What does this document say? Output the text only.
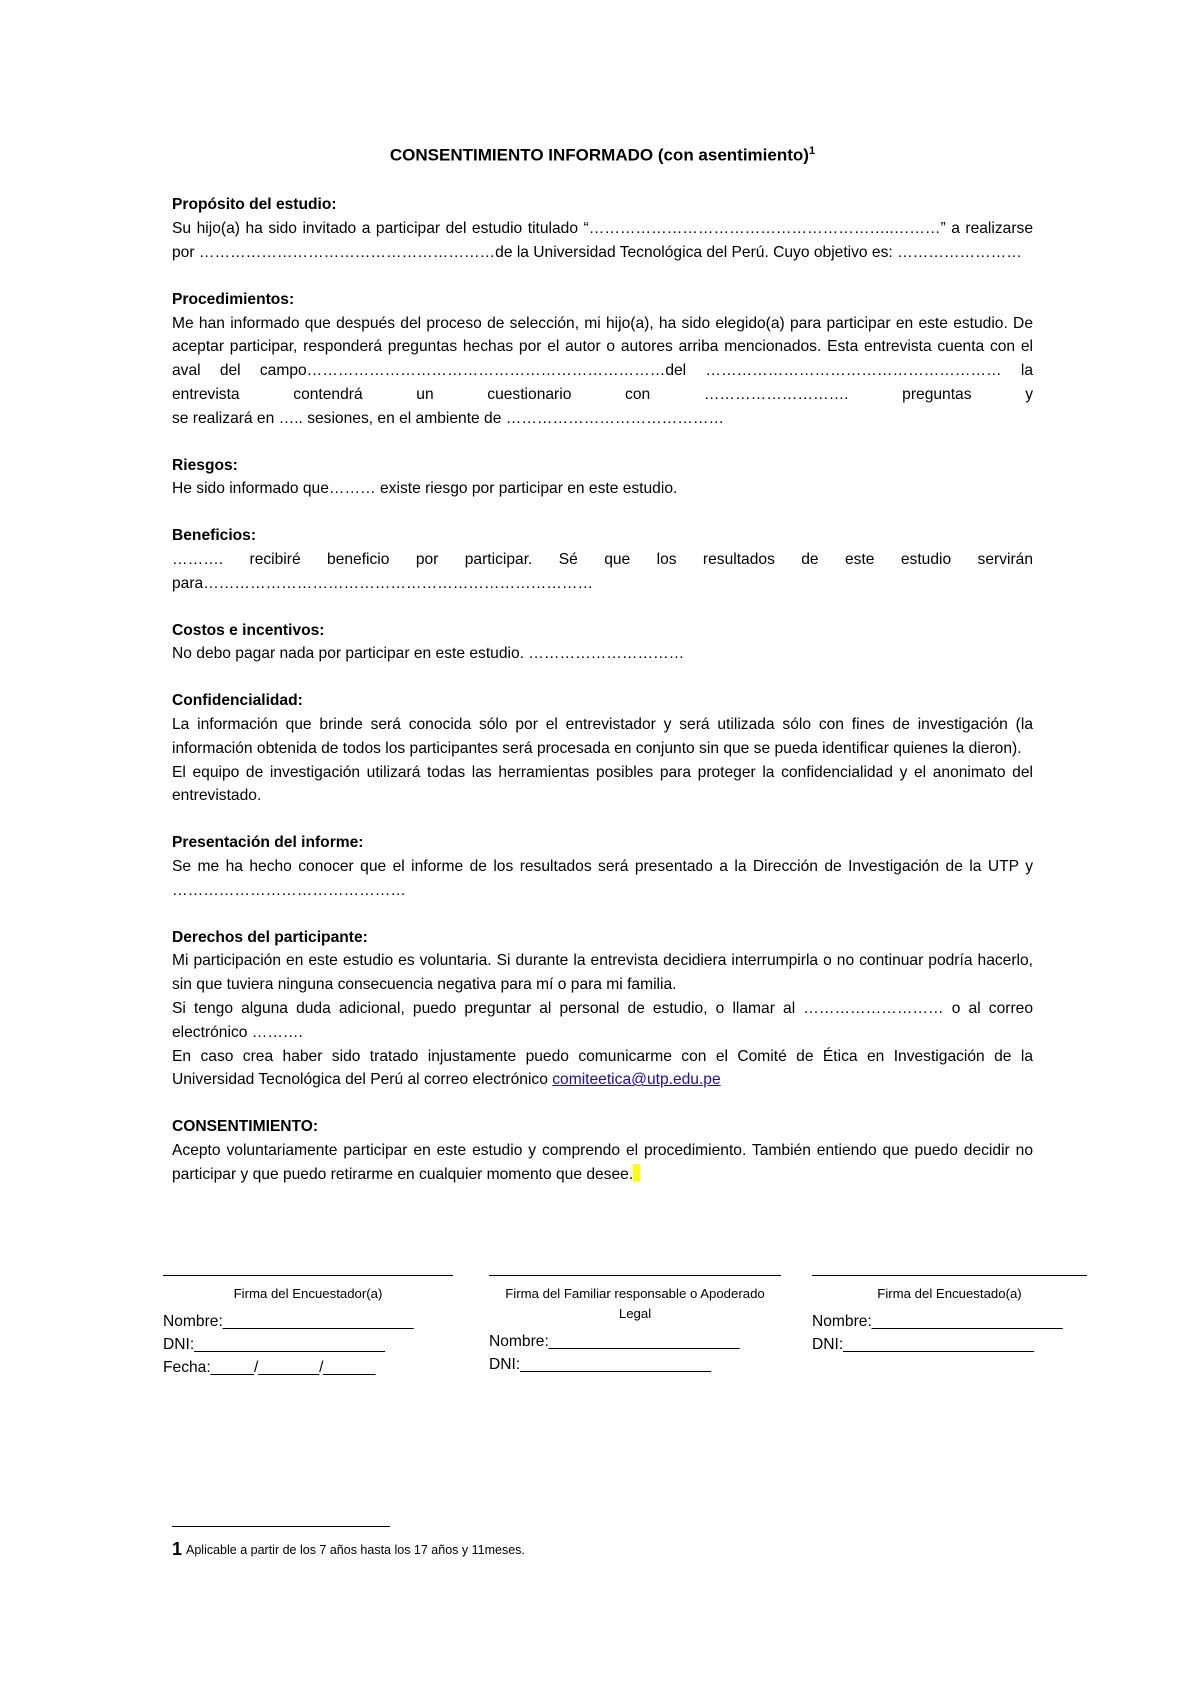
CONSENTIMIENTO INFORMADO (con asentimiento)$^1$

Propósito del estudio:

Su hijo(a) ha sido invitado a participar del estudio titulado “…………………………………………………..………” a realizarse

por …………………………………………………de la Universidad Tecnológica del Perú. Cuyo objetivo es: ……………………

Procedimientos:

Me han informado que después del proceso de selección, mi hijo(a), ha sido elegido(a) para participar en este estudio. De aceptar participar, responderá preguntas hechas por el autor o autores arriba mencionados. Esta entrevista cuenta con el aval del campo……………………………………………………………del ………………………………………………… la entrevista contendrá un cuestionario con ………………………. preguntas y

se realizará en ….. sesiones, en el ambiente de ……………………………………

Riesgos:

He sido informado que……… existe riesgo por participar en este estudio.

Beneficios:

………. recibiré beneficio por participar. Sé que los resultados de este estudio servirán

para…………………………………………………………………

Costos e incentivos:

No debo pagar nada por participar en este estudio. …………………………

Confidencialidad:

La información que brinde será conocida sólo por el entrevistador y será utilizada sólo con fines de investigación (la información obtenida de todos los participantes será procesada en conjunto sin que se pueda identificar quienes la dieron).

El equipo de investigación utilizará todas las herramientas posibles para proteger la confidencialidad y el anonimato del entrevistado.

Presentación del informe:

Se me ha hecho conocer que el informe de los resultados será presentado a la Dirección de Investigación de la UTP y ………………………………………

Derechos del participante:

Mi participación en este estudio es voluntaria. Si durante la entrevista decidiera interrumpirla o no continuar podría hacerlo, sin que tuviera ninguna consecuencia negativa para mí o para mi familia.

Si tengo alguna duda adicional, puedo preguntar al personal de estudio, o llamar al ……………………… o al correo electrónico ……….

En caso crea haber sido tratado injustamente puedo comunicarme con el Comité de Ética en Investigación de la Universidad Tecnológica del Perú al correo electrónico comiteetica@utp.edu.pe

CONSENTIMIENTO:

Acepto voluntariamente participar en este estudio y comprendo el procedimiento. También entiendo que puedo decidir no participar y que puedo retirarme en cualquier momento que desee.

Firma del Encuestador(a)
Nombre:______________________
DNI:______________________
Fecha:_____/_______/______
Firma del Familiar responsable o Apoderado Legal
Nombre:______________________
DNI:______________________
Firma del Encuestado(a)
Nombre:______________________
DNI:______________________
1 Aplicable a partir de los 7 años hasta los 17 años y 11meses.
